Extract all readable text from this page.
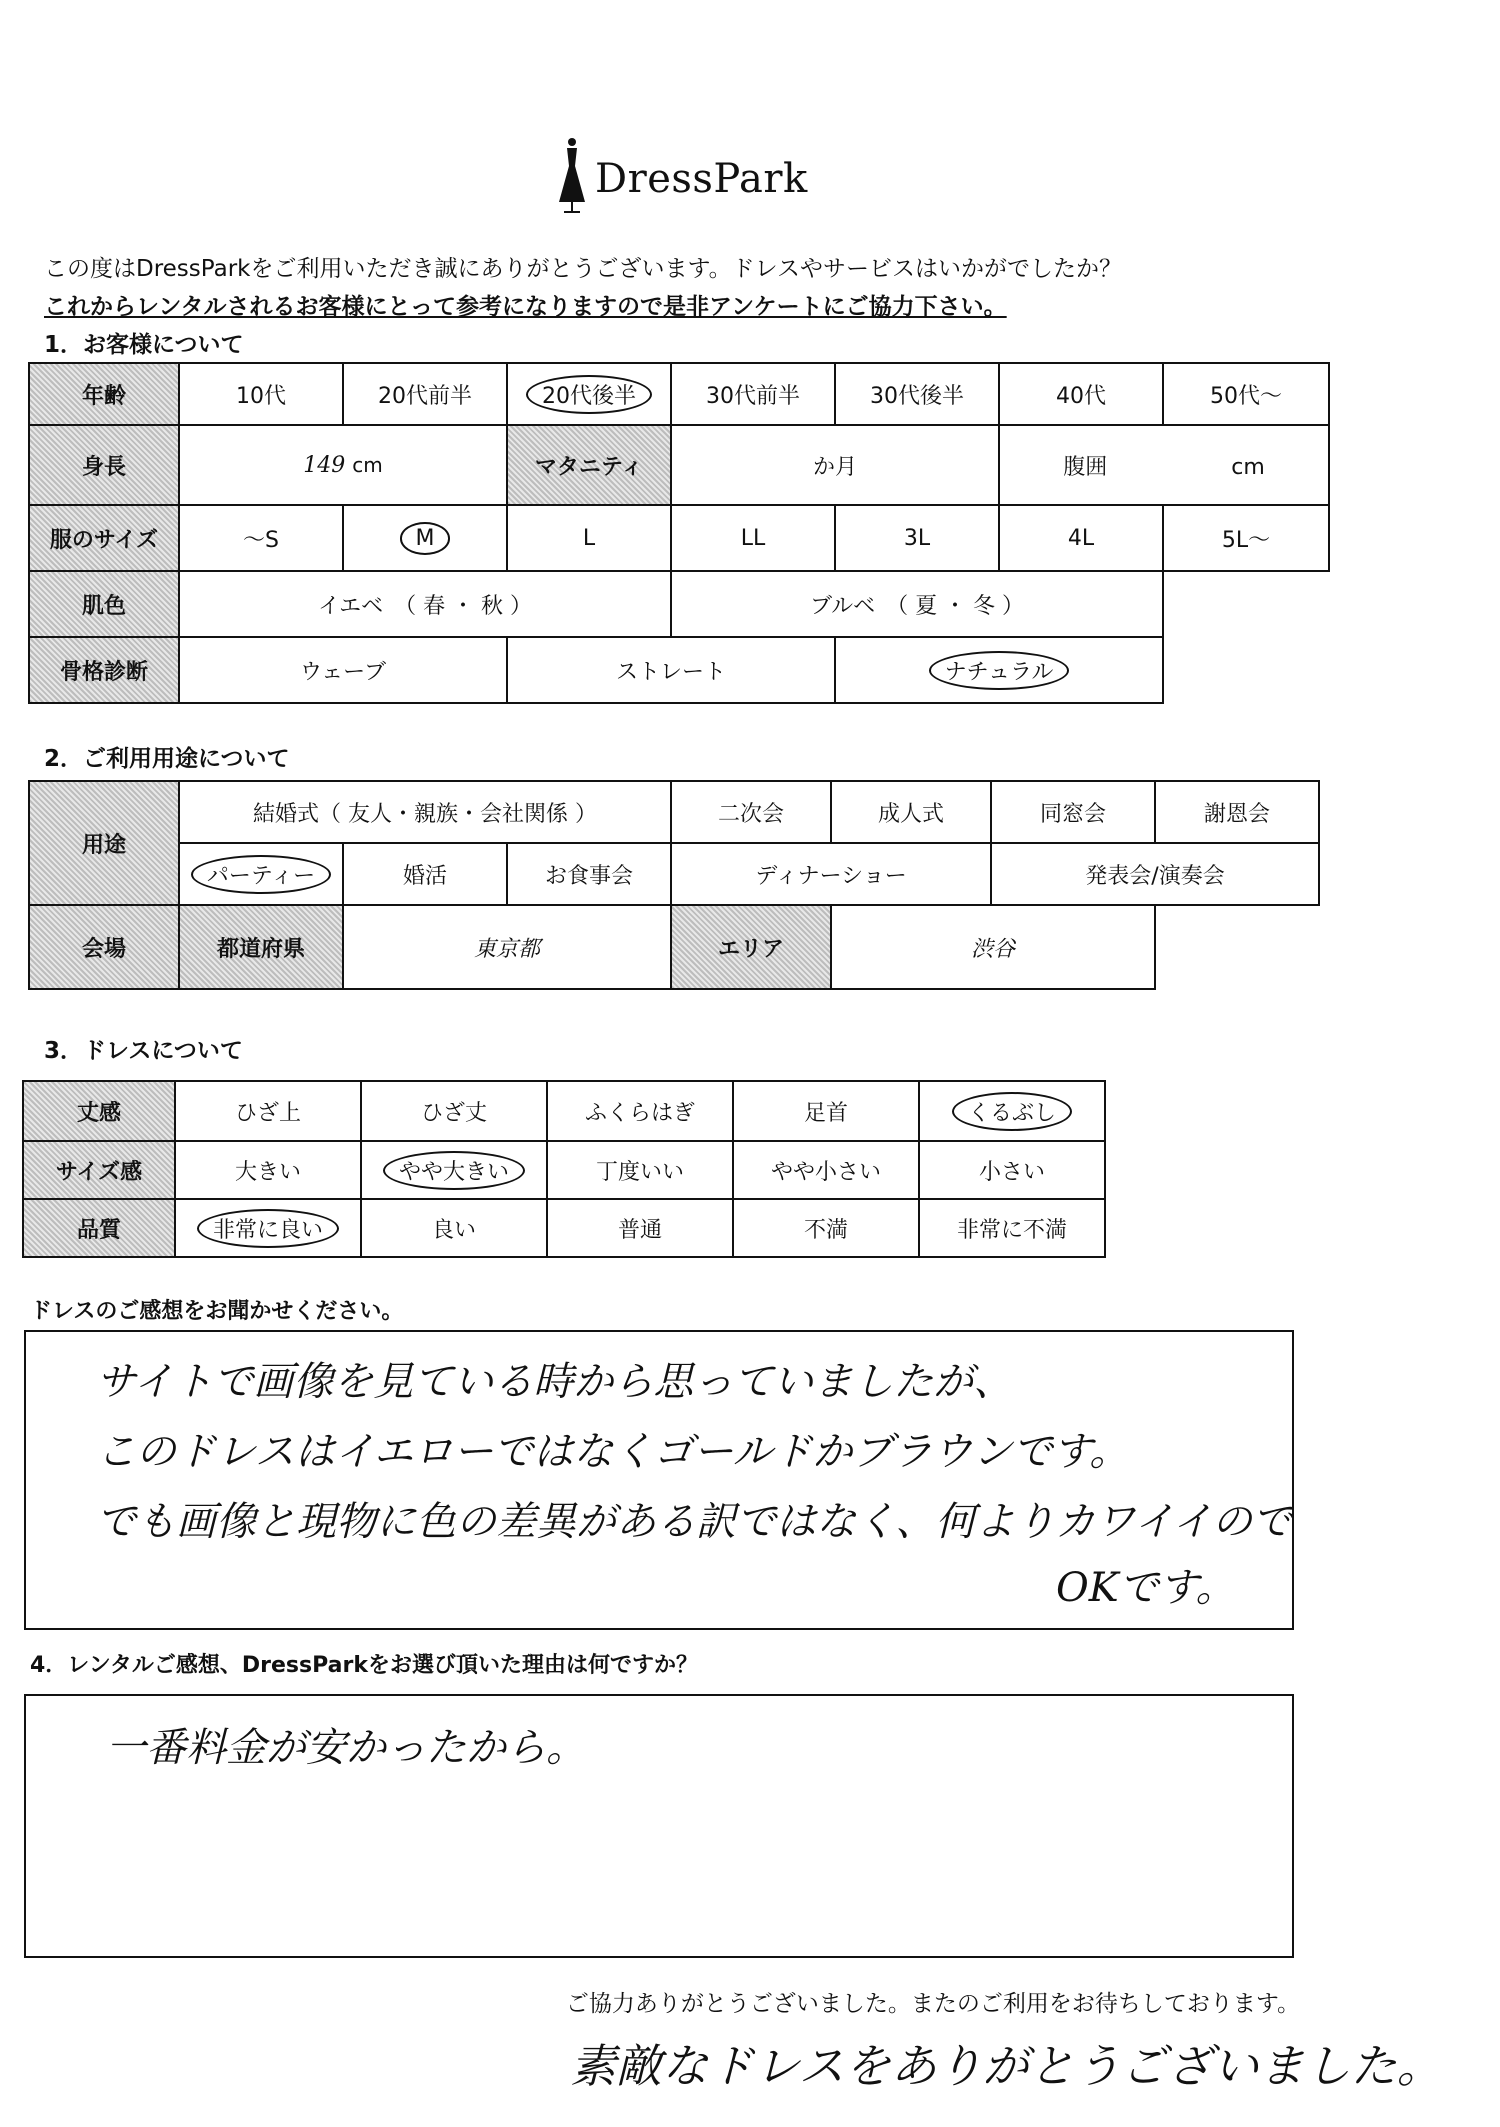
DressPark
この度はDressParkをご利用いただき誠にありがとうございます。ドレスやサービスはいかがでしたか？
これからレンタルされるお客様にとって参考になりますので是非アンケートにご協力下さい。
1．お客様について
年齢	10代	20代前半	20代後半	30代前半	30代後半	40代	50代～
身長	149 cm		マタニティ	か月		腹囲 cm	
服のサイズ	～S	M	L	LL	3L	4L	5L～
肌色	イエベ　（ 春 ・ 秋 ）			ブルベ　（ 夏 ・ 冬 ）			
骨格診断	ウェーブ		ストレート		ナチュラル		
2．ご利用用途について
用途	結婚式（ 友人・親族・会社関係 ）			二次会	成人式	同窓会	謝恩会
	パーティー	婚活	お食事会	ディナーショー		発表会/演奏会	
会場	都道府県	東京都		エリア	渋谷		
3．ドレスについて
丈感	ひざ上	ひざ丈	ふくらはぎ	足首	くるぶし
サイズ感	大きい	やや大きい	丁度いい	やや小さい	小さい
品質	非常に良い	良い	普通	不満	非常に不満
ドレスのご感想をお聞かせください。
サイトで画像を見ている時から思っていましたが、
このドレスはイエローではなくゴールドかブラウンです。
でも画像と現物に色の差異がある訳ではなく、何よりカワイイので
OKです。
4．レンタルご感想、DressParkをお選び頂いた理由は何ですか？
一番料金が安かったから。
ご協力ありがとうございました。またのご利用をお待ちしております。
素敵なドレスをありがとうございました。
